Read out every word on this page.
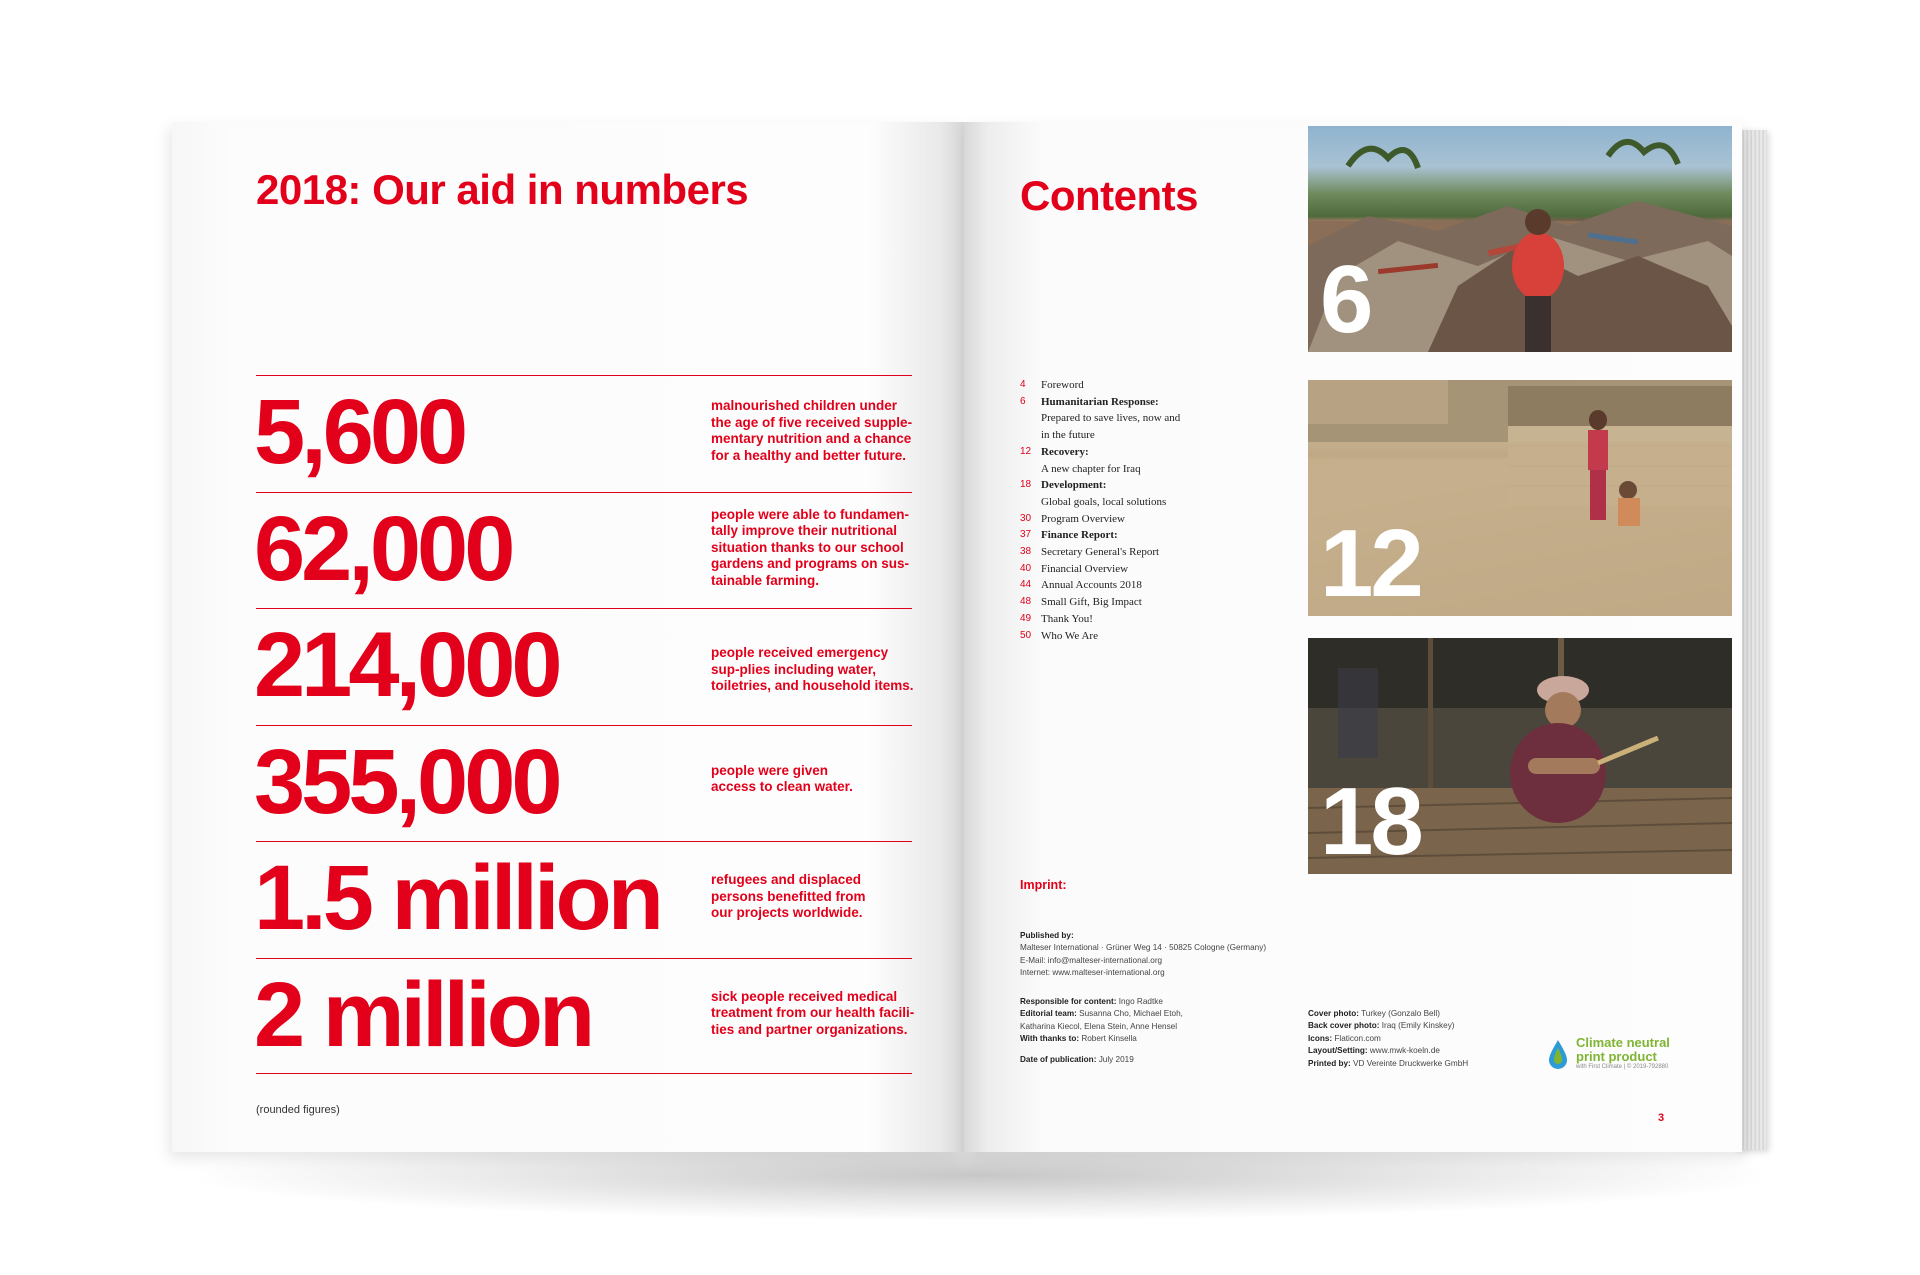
2018: Our aid in numbers
5,600	malnourished children under the age of five received supple-mentary nutrition and a chance for a healthy and better future.
62,000	people were able to fundamen-tally improve their nutritional situation thanks to our school gardens and programs on sus-tainable farming.
214,000	people received emergency sup-plies including water, toiletries, and household items.
355,000	people were given access to clean water.
1.5 million	refugees and displaced persons benefitted from our projects worldwide.
2 million	sick people received medical treatment from our health facili-ties and partner organizations.
(rounded figures)
Contents
4	Foreword
6	Humanitarian Response:
Prepared to save lives, now and
in the future
12 Recovery:
A new chapter for Iraq
18 Development:
Global goals, local solutions
30 Program Overview
37 Finance Report:
38 Secretary General's Report
40 Financial Overview
44 Annual Accounts 2018
48 Small Gift, Big Impact
49 Thank You!
50 Who We Are
6
12
18
Imprint:
Published by:
Malteser International · Grüner Weg 14 · 50825 Cologne (Germany)
E-Mail: info@malteser-international.org
Internet: www.malteser-international.org
Responsible for content: Ingo Radtke
Editorial team: Susanna Cho, Michael Etoh,
Katharina Kiecol, Elena Stein, Anne Hensel
With thanks to: Robert Kinsella
Date of publication: July 2019
Cover photo: Turkey (Gonzalo Bell)
Back cover photo: Iraq (Emily Kinskey)
Icons: Flaticon.com
Layout/Setting: www.mwk-koeln.de
Printed by: VD Vereinte Druckwerke GmbH
Climate neutral
print product
with First Climate | © 2019-792880
3
